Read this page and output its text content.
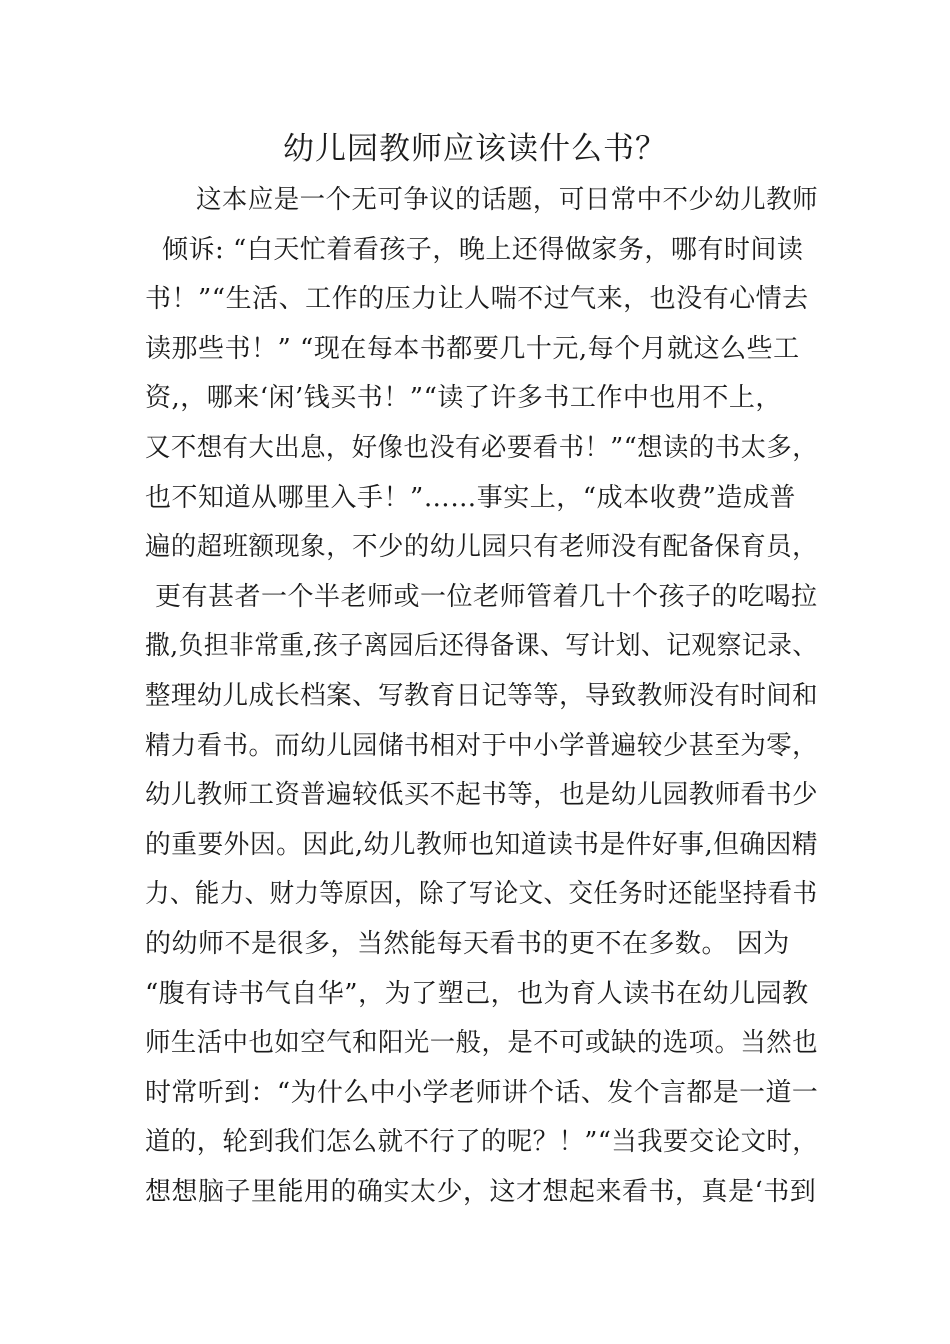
幼儿园教师应该读什么书？
这本应是一个无可争议的话题，可日常中不少幼儿教师
倾诉: “白天忙着看孩子，晚上还得做家务，哪有时间读
书！”“生活、工作的压力让人喘不过气来，也没有心情去
读那些书！” “现在每本书都要几十元,每个月就这么些工
资,，哪来‘闲’钱买书！”“读了许多书工作中也用不上，
又不想有大出息，好像也没有必要看书！”“想读的书太多，
也不知道从哪里入手！”……事实上，“成本收费”造成普
遍的超班额现象，不少的幼儿园只有老师没有配备保育员，
更有甚者一个半老师或一位老师管着几十个孩子的吃喝拉
撒,负担非常重,孩子离园后还得备课、写计划、记观察记录、
整理幼儿成长档案、写教育日记等等，导致教师没有时间和
精力看书。而幼儿园储书相对于中小学普遍较少甚至为零，
幼儿教师工资普遍较低买不起书等，也是幼儿园教师看书少
的重要外因。因此,幼儿教师也知道读书是件好事,但确因精
力、能力、财力等原因，除了写论文、交任务时还能坚持看书
的幼师不是很多，当然能每天看书的更不在多数。 因为
“腹有诗书气自华”，为了塑己，也为育人读书在幼儿园教
师生活中也如空气和阳光一般，是不可或缺的选项。当然也
时常听到：“为什么中小学老师讲个话、发个言都是一道一
道的，轮到我们怎么就不行了的呢？！”“当我要交论文时，
想想脑子里能用的确实太少，这才想起来看书，真是‘书到
